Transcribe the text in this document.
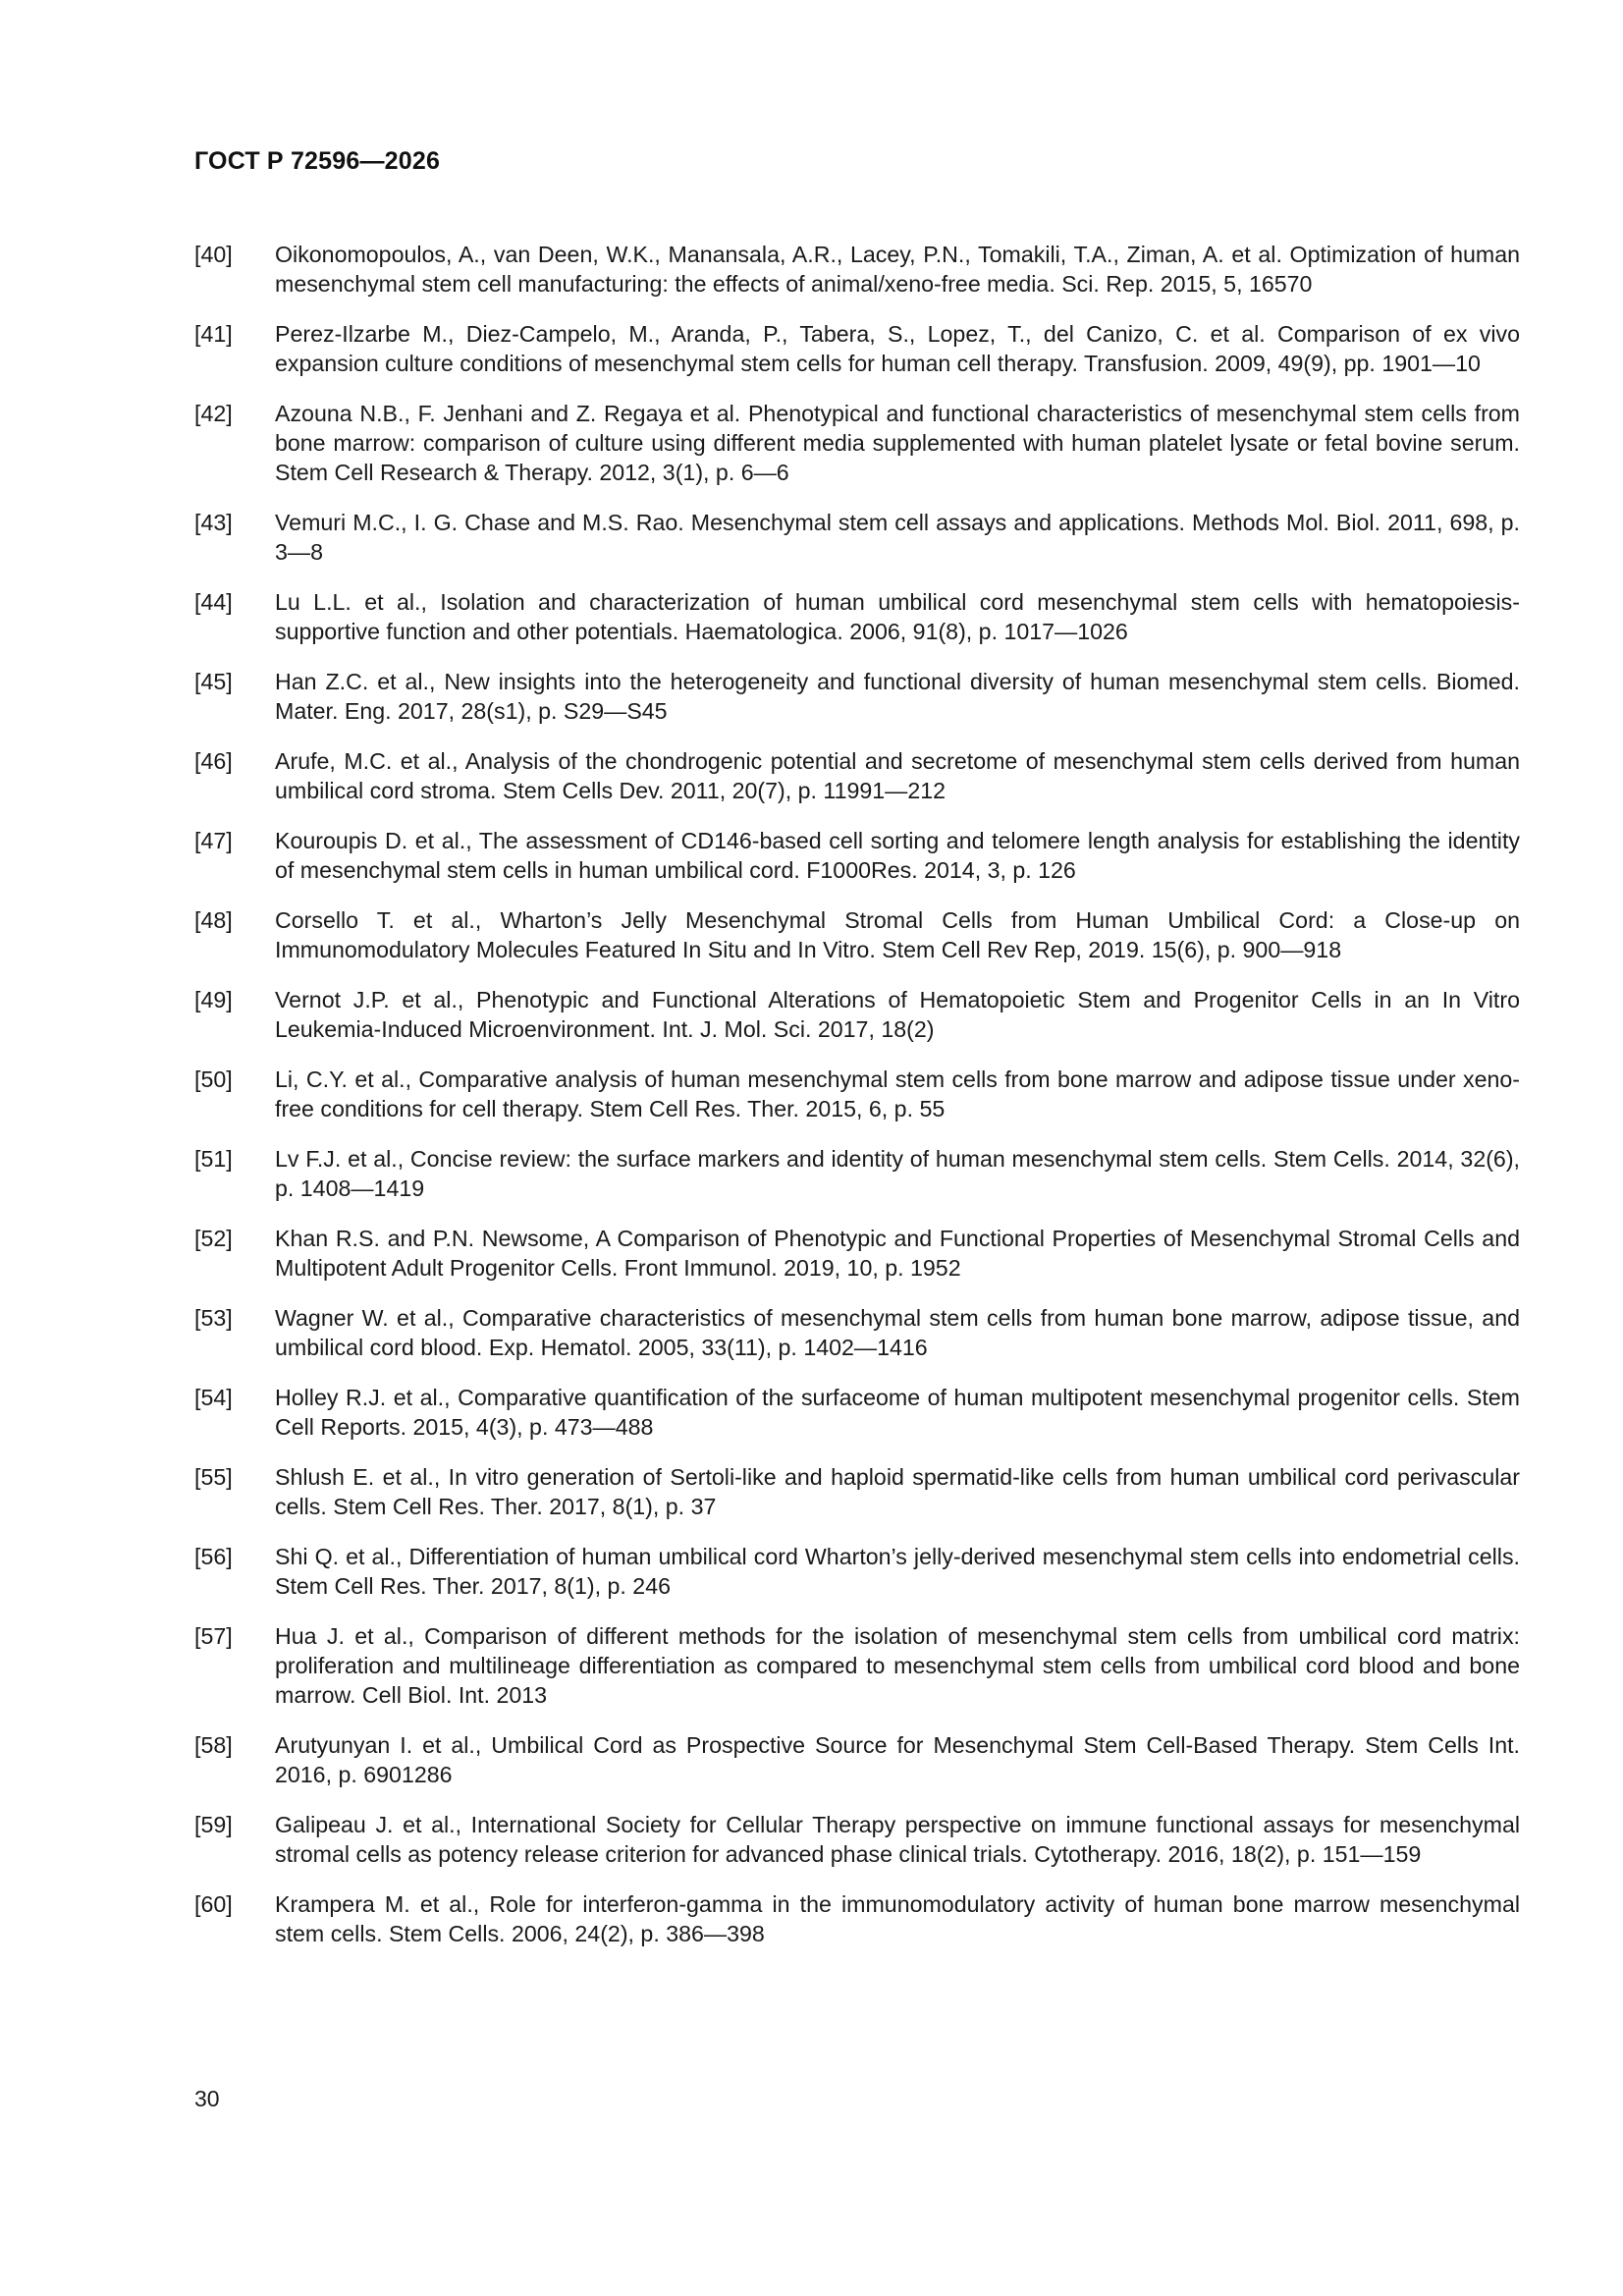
ГОСТ Р 72596—2026
[40]	Oikonomopoulos, A., van Deen, W.K., Manansala, A.R., Lacey, P.N., Tomakili, T.A., Ziman, A. et al. Optimization of human mesenchymal stem cell manufacturing: the effects of animal/xeno-free media. Sci. Rep. 2015, 5, 16570
[41]	Perez-Ilzarbe M., Diez-Campelo, M., Aranda, P., Tabera, S., Lopez, T., del Canizo, C. et al. Comparison of ex vivo expansion culture conditions of mesenchymal stem cells for human cell therapy. Transfusion. 2009, 49(9), pp. 1901—10
[42]	Azouna N.B., F. Jenhani and Z. Regaya et al. Phenotypical and functional characteristics of mesenchymal stem cells from bone marrow: comparison of culture using different media supplemented with human platelet lysate or fetal bovine serum. Stem Cell Research & Therapy. 2012, 3(1), p. 6—6
[43]	Vemuri M.C., I. G. Chase and M.S. Rao. Mesenchymal stem cell assays and applications. Methods Mol. Biol. 2011, 698, p. 3—8
[44]	Lu L.L. et al., Isolation and characterization of human umbilical cord mesenchymal stem cells with hematopoiesis-supportive function and other potentials. Haematologica. 2006, 91(8), p. 1017—1026
[45]	Han Z.C. et al., New insights into the heterogeneity and functional diversity of human mesenchymal stem cells. Biomed. Mater. Eng. 2017, 28(s1), p. S29—S45
[46]	Arufe, M.C. et al., Analysis of the chondrogenic potential and secretome of mesenchymal stem cells derived from human umbilical cord stroma. Stem Cells Dev. 2011, 20(7), p. 11991—212
[47]	Kouroupis D. et al., The assessment of CD146-based cell sorting and telomere length analysis for establishing the identity of mesenchymal stem cells in human umbilical cord. F1000Res. 2014, 3, p. 126
[48]	Corsello T. et al., Wharton’s Jelly Mesenchymal Stromal Cells from Human Umbilical Cord: a Close-up on Immunomodulatory Molecules Featured In Situ and In Vitro. Stem Cell Rev Rep, 2019. 15(6), p. 900—918
[49]	Vernot J.P. et al., Phenotypic and Functional Alterations of Hematopoietic Stem and Progenitor Cells in an In Vitro Leukemia-Induced Microenvironment. Int. J. Mol. Sci. 2017, 18(2)
[50]	Li, C.Y. et al., Comparative analysis of human mesenchymal stem cells from bone marrow and adipose tissue under xeno-free conditions for cell therapy. Stem Cell Res. Ther. 2015, 6, p. 55
[51]	Lv F.J. et al., Concise review: the surface markers and identity of human mesenchymal stem cells. Stem Cells. 2014, 32(6), p. 1408—1419
[52]	Khan R.S. and P.N. Newsome, A Comparison of Phenotypic and Functional Properties of Mesenchymal Stromal Cells and Multipotent Adult Progenitor Cells. Front Immunol. 2019, 10, p. 1952
[53]	Wagner W. et al., Comparative characteristics of mesenchymal stem cells from human bone marrow, adipose tissue, and umbilical cord blood. Exp. Hematol. 2005, 33(11), p. 1402—1416
[54]	Holley R.J. et al., Comparative quantification of the surfaceome of human multipotent mesenchymal progenitor cells. Stem Cell Reports. 2015, 4(3), p. 473—488
[55]	Shlush E. et al., In vitro generation of Sertoli-like and haploid spermatid-like cells from human umbilical cord perivascular cells. Stem Cell Res. Ther. 2017, 8(1), p. 37
[56]	Shi Q. et al., Differentiation of human umbilical cord Wharton’s jelly-derived mesenchymal stem cells into endometrial cells. Stem Cell Res. Ther. 2017, 8(1), p. 246
[57]	Hua J. et al., Comparison of different methods for the isolation of mesenchymal stem cells from umbilical cord matrix: proliferation and multilineage differentiation as compared to mesenchymal stem cells from umbilical cord blood and bone marrow. Cell Biol. Int. 2013
[58]	Arutyunyan I. et al., Umbilical Cord as Prospective Source for Mesenchymal Stem Cell-Based Therapy. Stem Cells Int. 2016, p. 6901286
[59]	Galipeau J. et al., International Society for Cellular Therapy perspective on immune functional assays for mesenchymal stromal cells as potency release criterion for advanced phase clinical trials. Cytotherapy. 2016, 18(2), p. 151—159
[60]	Krampera M. et al., Role for interferon-gamma in the immunomodulatory activity of human bone marrow mesenchymal stem cells. Stem Cells. 2006, 24(2), p. 386—398
30
